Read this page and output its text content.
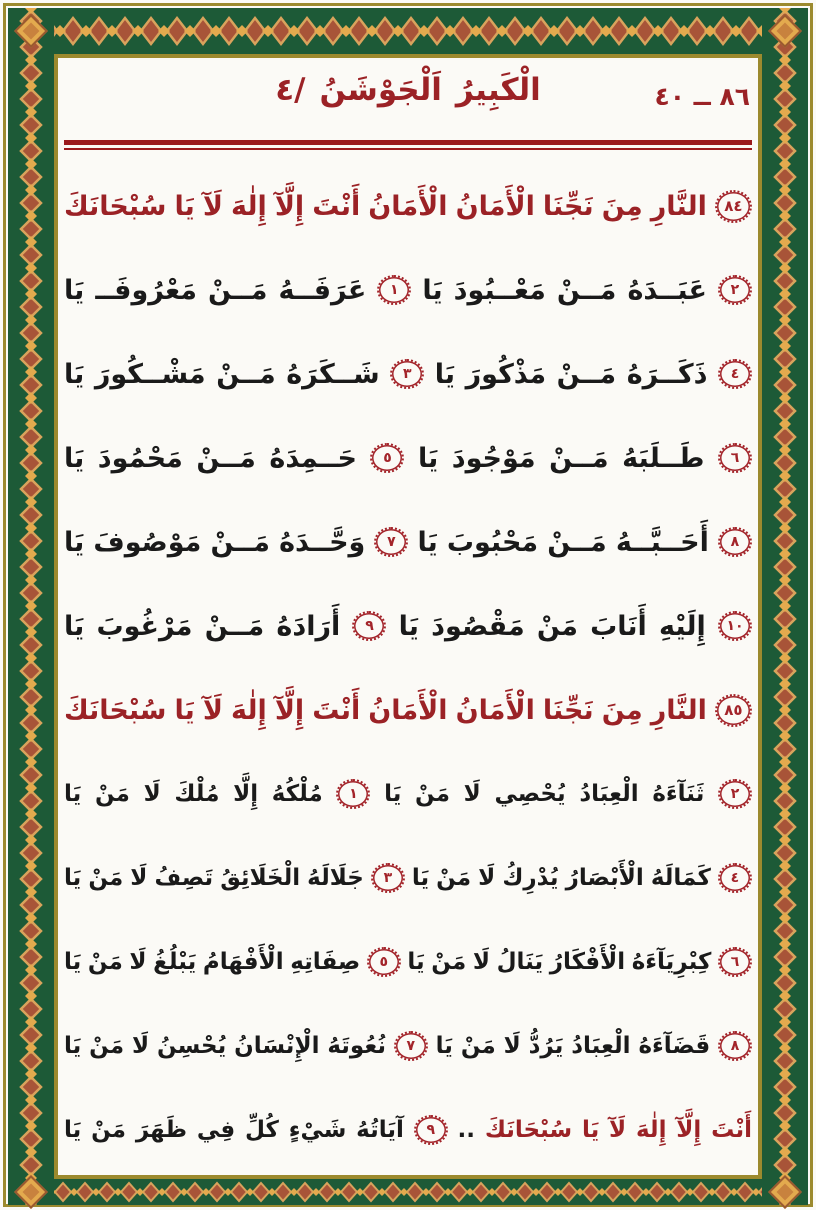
٤/ اَلْجَوْشَنُ الْكَبِيرُ	٨٦ ــ ٤٠
سُبْحَانَكَ يَا لَآ إِلٰهَ إِلَّآ أَنْتَ الْأَمَانُ الْأَمَانُ نَجِّنَا مِنَ النَّارِ	٨٤
يَا مَعْرُوفَــ مَــنْ عَرَفَــهُ	١ يَا مَعْــبُودَ مَــنْ عَبَــدَهُ	٢
يَا مَشْــكُورَ مَــنْ شَــكَرَهُ	٣ يَا مَذْكُورَ مَــنْ ذَكَــرَهُ	٤
يَا مَحْمُودَ مَــنْ حَــمِدَهُ	٥ يَا مَوْجُودَ مَــنْ طَــلَبَهُ	٦
يَا مَوْصُوفَ مَــنْ وَحَّــدَهُ	٧ يَا مَحْبُوبَ مَــنْ أَحَــبَّــهُ	٨
يَا مَرْغُوبَ مَــنْ أَرَادَهُ	٩ يَا مَقْصُودَ مَنْ أَنَابَ إِلَيْهِ	١٠
سُبْحَانَكَ يَا لَآ إِلٰهَ إِلَّآ أَنْتَ الْأَمَانُ الْأَمَانُ نَجِّنَا مِنَ النَّارِ	٨٥
يَا مَنْ لَا مُلْكَ إِلَّا مُلْكُهُ	١	يَا مَنْ لَا يُحْصِي الْعِبَادُ ثَنَآءَهُ	٢
يَا مَنْ لَا تَصِفُ الْخَلَائِقُ جَلَالَهُ	٣ يَا مَنْ لَا يُدْرِكُ الْأَبْصَارُ كَمَالَهُ	٤
يَا مَنْ لَا يَبْلُغُ الْأَفْهَامُ صِفَاتِهِ	٥ يَا مَنْ لَا يَنَالُ الْأَفْكَارُ كِبْرِيَآءَهُ	٦
يَا مَنْ لَا يُحْسِنُ الْإِنْسَانُ نُعُوتَهُ	٧ يَا مَنْ لَا يَرُدُّ الْعِبَادُ قَضَآءَهُ	٨
يَا مَنْ ظَهَرَ فِي كُلِّ شَيْءٍ آيَاتُهُ	٩ .. سُبْحَانَكَ يَا لَآ إِلٰهَ إِلَّآ أَنْتَ
